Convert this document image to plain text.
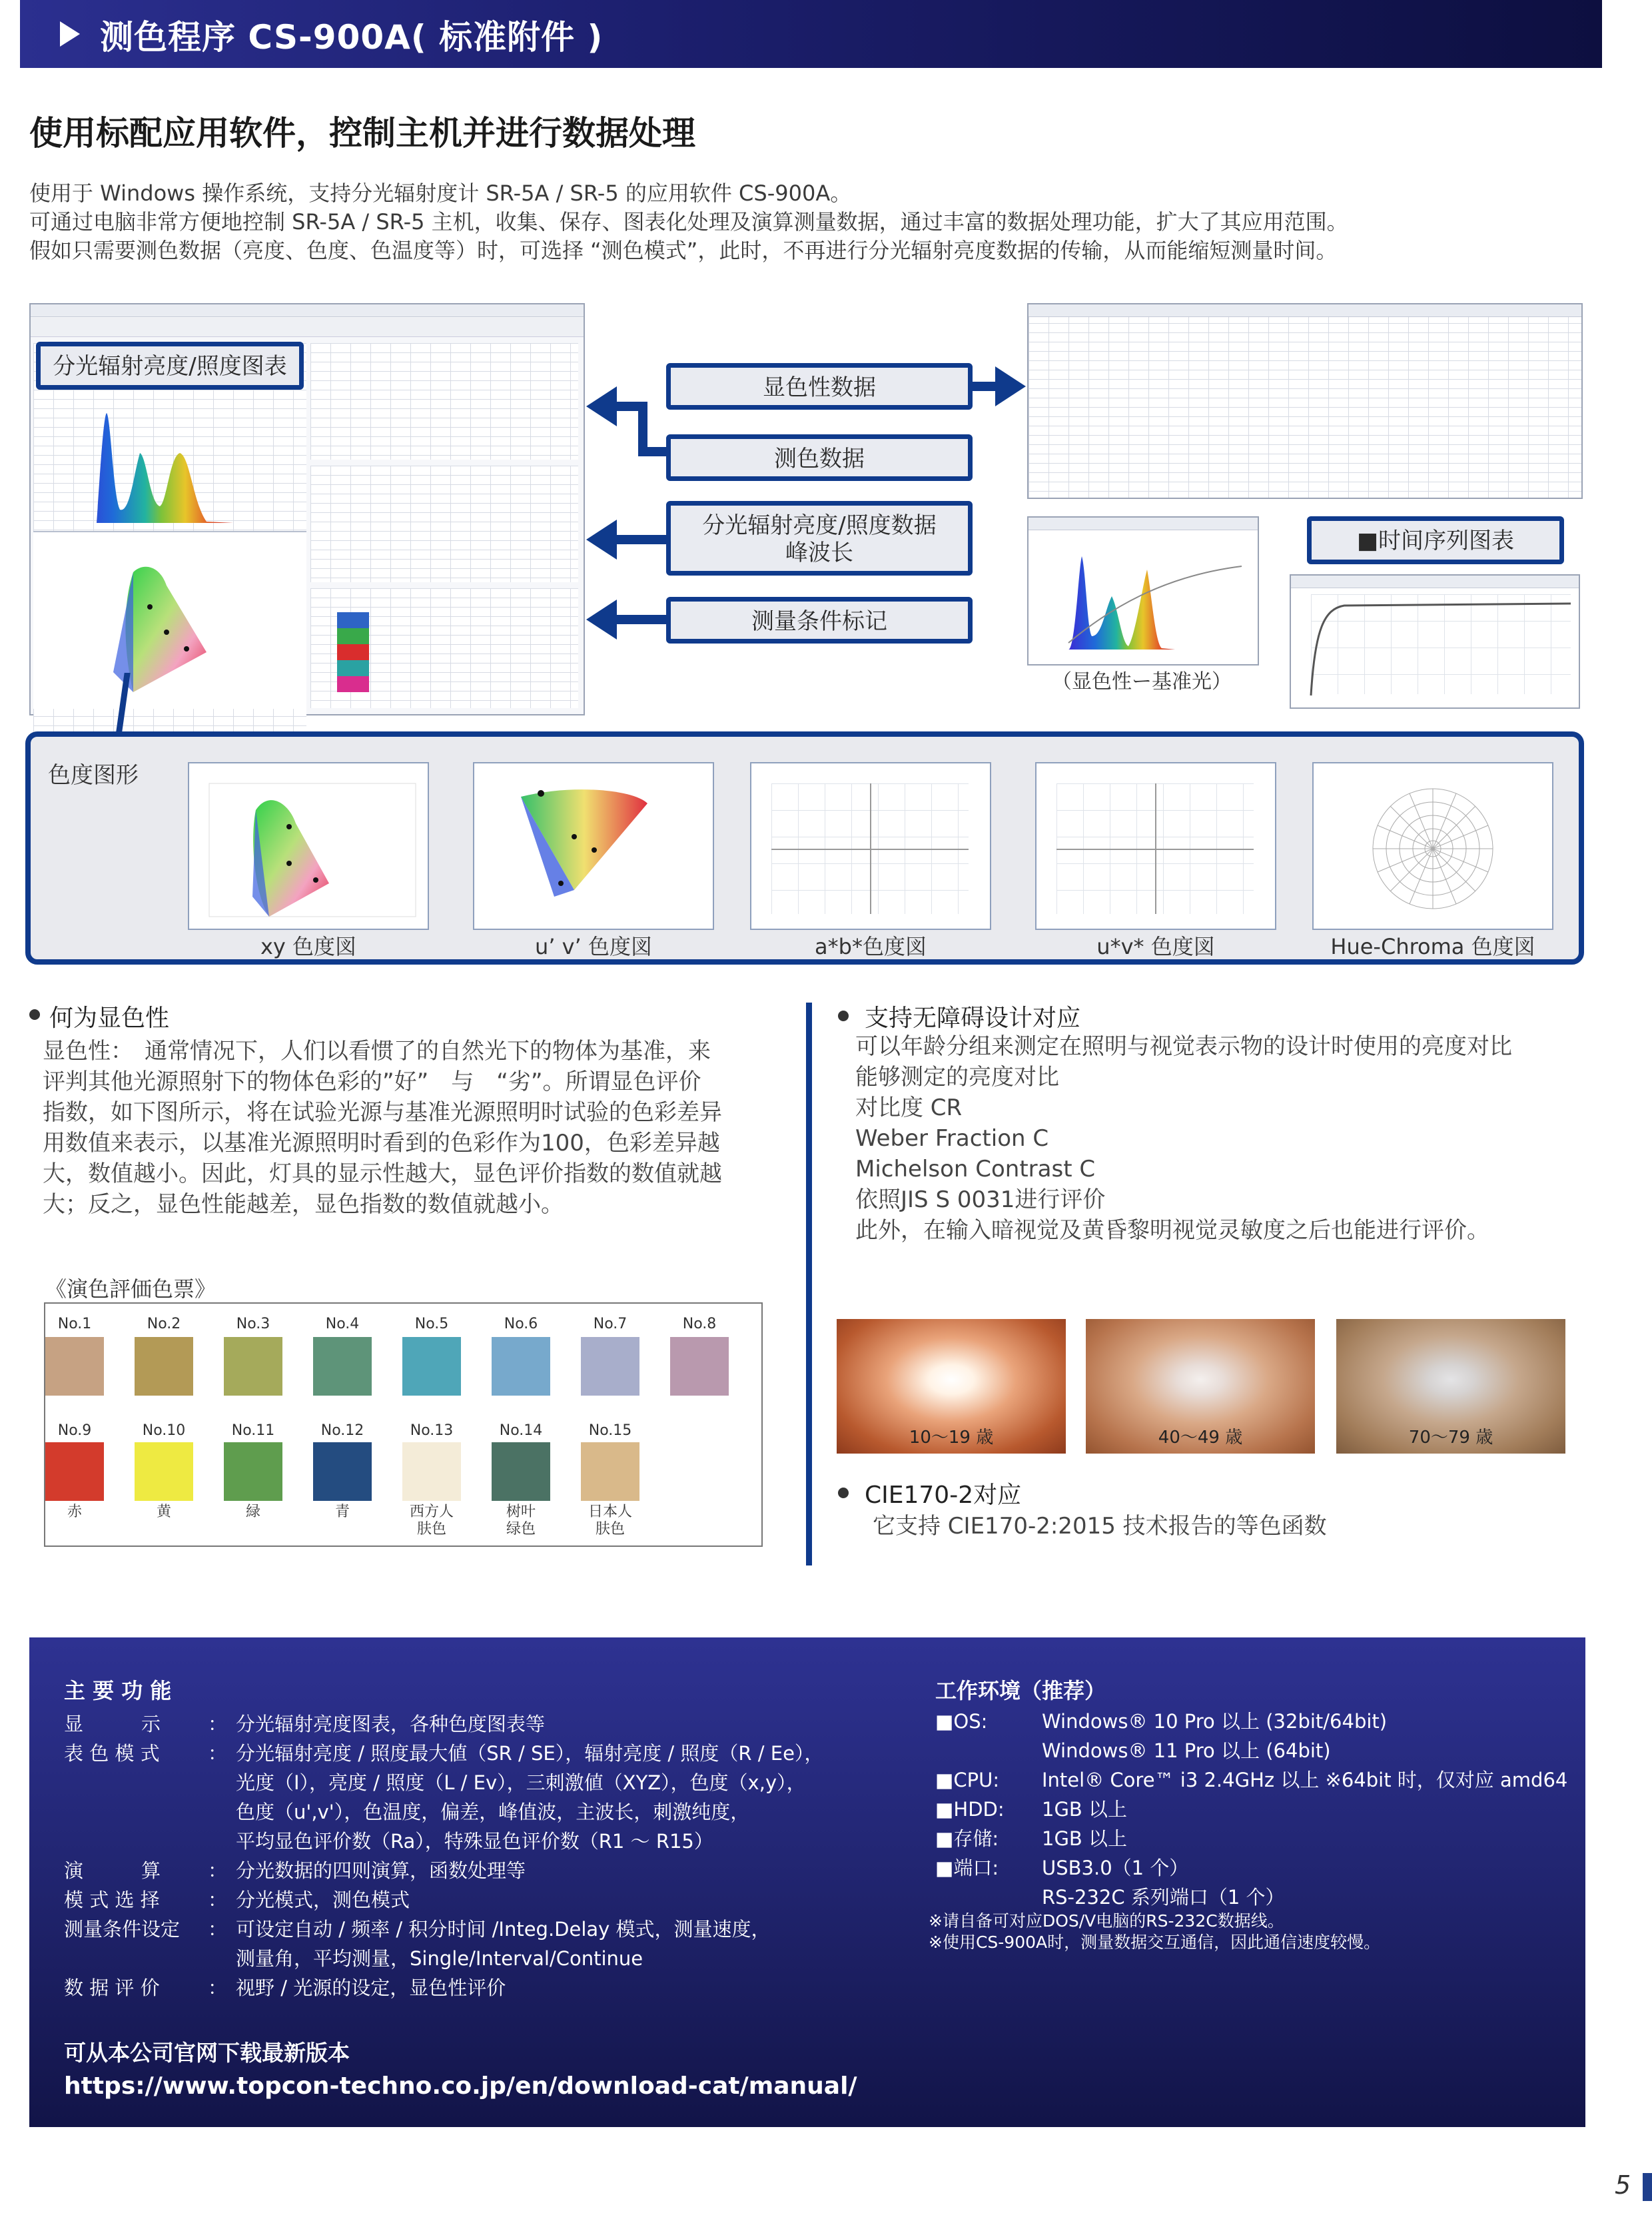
测色程序 CS-900A( 标准附件 )
使用标配应用软件，控制主机并进行数据处理
使用于 Windows 操作系统，支持分光辐射度计 SR-5A / SR-5 的应用软件 CS-900A。
可通过电脑非常方便地控制 SR-5A / SR-5 主机，收集、保存、图表化处理及演算测量数据，通过丰富的数据处理功能，扩大了其应用范围。
假如只需要测色数据（亮度、色度、色温度等）时，可选择 “测色模式”，此时，不再进行分光辐射亮度数据的传输，从而能缩短测量时间。
分光辐射亮度/照度图表
显色性数据
测色数据
分光辐射亮度/照度数据
峰波长
测量条件标记
（显色性ー基准光）
■时间序列图表
色度图形
xy 色度図	u’ v’ 色度図	a*b*色度図	u*v* 色度図	Hue-Chroma 色度図
何为显色性
显色性：　通常情况下，人们以看惯了的自然光下的物体为基准，来
评判其他光源照射下的物体色彩的”好”　与　“劣”。所谓显色评价
指数，如下图所示，将在试验光源与基准光源照明时试验的色彩差异
用数值来表示，以基准光源照明时看到的色彩作为100，色彩差异越
大，数值越小。因此，灯具的显示性越大，显色评价指数的数值就越
大；反之，显色性能越差，显色指数的数值就越小。
《演色評価色票》
No.1	No.2	No.3	No.4	No.5	No.6	No.7	No.8
No.9
赤
No.10
黄
No.11
緑
No.12
青
No.13
西方人
肤色
No.14
树叶
绿色
No.15
日本人
肤色
支持无障碍设计对应
可以年龄分组来测定在照明与视觉表示物的设计时使用的亮度对比
能够测定的亮度对比
对比度 CR
Weber Fraction C
Michelson Contrast C
依照JIS S 0031进行评价
此外，在输入暗视觉及黄昏黎明视觉灵敏度之后也能进行评价。
10～19 歳	40～49 歳	70～79 歳
CIE170-2对应
它支持 CIE170-2:2015 技术报告的等色函数
主 要 功 能
显　　　示 ： 分光辐射亮度图表，各种色度图表等
表 色 模 式 ： 分光辐射亮度 / 照度最大値（SR / SE），辐射亮度 / 照度（R / Ee），
光度（I），亮度 / 照度（L / Ev），三刺激値（XYZ），色度（x,y），
色度（u',v'），色温度，偏差，峰值波，主波长，刺激纯度，
平均显色评价数（Ra），特殊显色评价数（R1 ～ R15）
演　　　算 ： 分光数据的四则演算，函数处理等
模 式 选 择 ： 分光模式，测色模式
测量条件设定 ： 可设定自动 / 频率 / 积分时间 /Integ.Delay 模式，测量速度，
测量角，平均测量，Single/Interval/Continue
数 据 评 价 ： 视野 / 光源的设定，显色性评价
可从本公司官网下载最新版本
https://www.topcon-techno.co.jp/en/download-cat/manual/
工作环境（推荐）
■OS:	Windows® 10 Pro 以上 (32bit/64bit)
Windows® 11 Pro 以上 (64bit)
■CPU: Intel® Core™ i3 2.4GHz 以上 ※64bit 时，仅对应 amd64
■HDD: 1GB 以上
■存储: 1GB 以上
■端口: USB3.0（1 个）
RS-232C 系列端口（1 个）
※请自备可对应DOS/V电脑的RS-232C数据线。
※使用CS-900A时，测量数据交互通信，因此通信速度较慢。
5
